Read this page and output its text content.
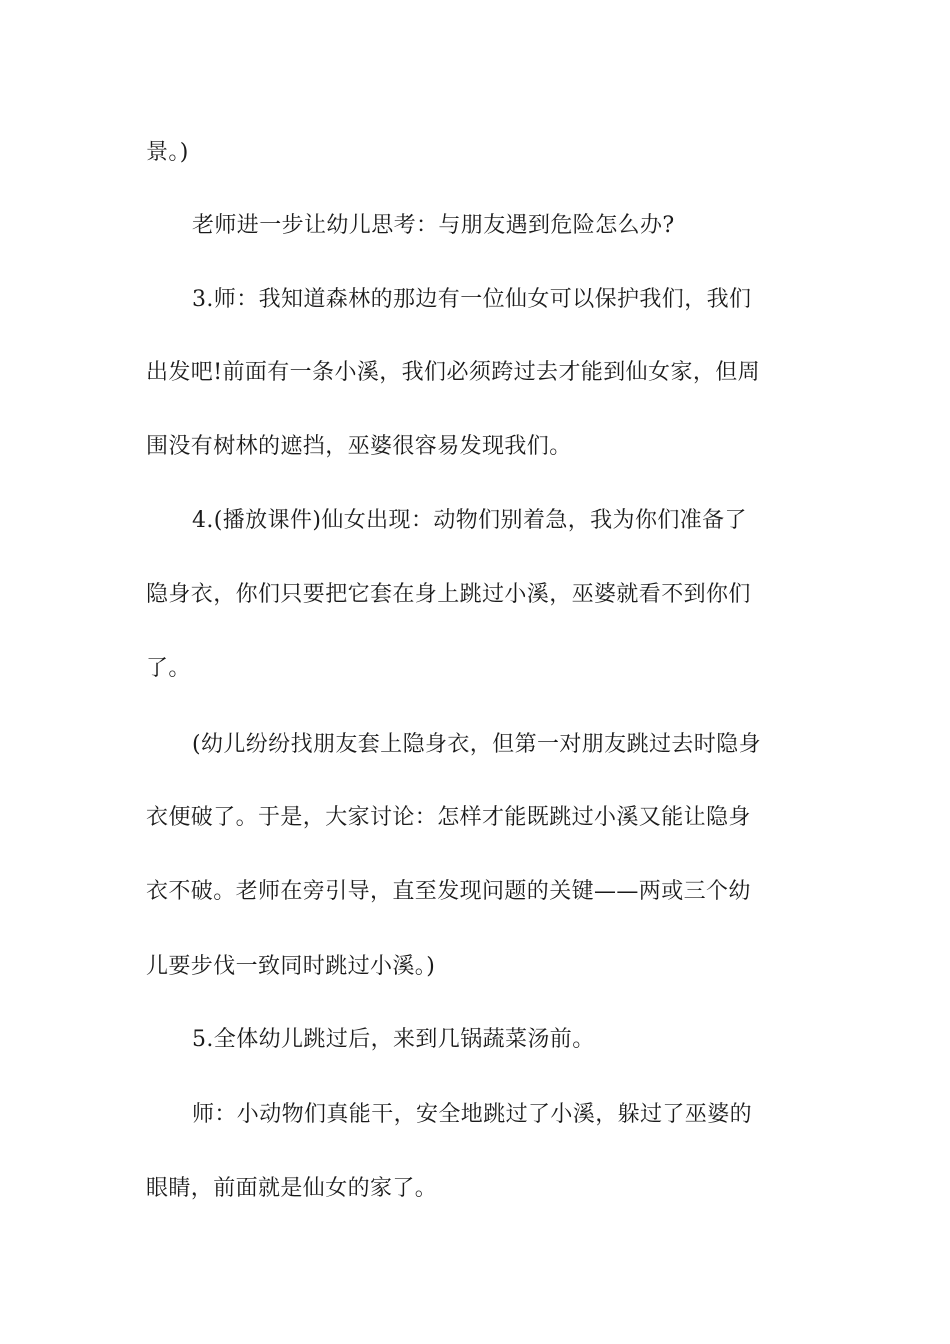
景。)
老师进一步让幼儿思考：与朋友遇到危险怎么办?
3.师：我知道森林的那边有一位仙女可以保护我们，我们
出发吧!前面有一条小溪，我们必须跨过去才能到仙女家，但周
围没有树林的遮挡，巫婆很容易发现我们。
4.(播放课件)仙女出现：动物们别着急，我为你们准备了
隐身衣，你们只要把它套在身上跳过小溪，巫婆就看不到你们
了。
(幼儿纷纷找朋友套上隐身衣，但第一对朋友跳过去时隐身
衣便破了。于是，大家讨论：怎样才能既跳过小溪又能让隐身
衣不破。老师在旁引导，直至发现问题的关键——两或三个幼
儿要步伐一致同时跳过小溪。)
5.全体幼儿跳过后，来到几锅蔬菜汤前。
师：小动物们真能干，安全地跳过了小溪，躲过了巫婆的
眼睛，前面就是仙女的家了。
